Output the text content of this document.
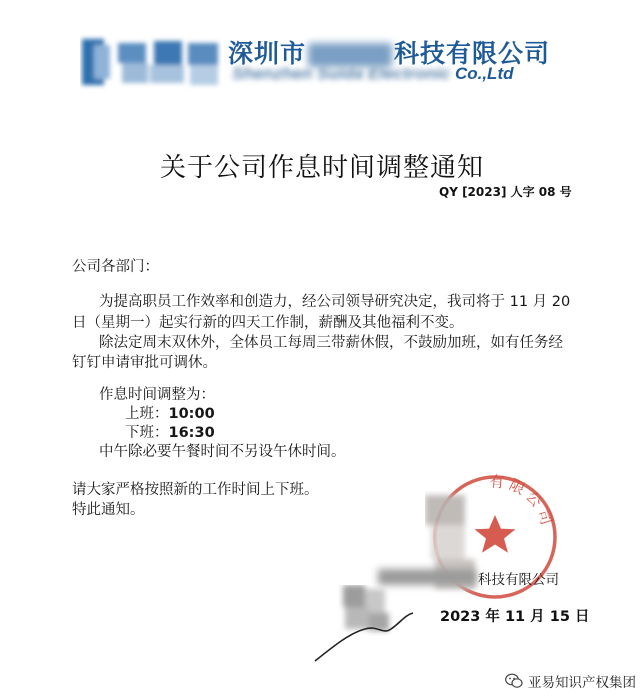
深圳市	科技有限公司
Shenzhen Suida Electronic Co.,Ltd
关于公司作息时间调整通知
QY [2023] 人字 08 号
公司各部门：
为提高职员工作效率和创造力，经公司领导研究决定，我司将于 11 月 20
日（星期一）起实行新的四天工作制，薪酬及其他福利不变。
除法定周末双休外，全体员工每周三带薪休假，不鼓励加班，如有任务经
钉钉申请审批可调休。
作息时间调整为：
上班：10:00
下班：16:30
中午除必要午餐时间不另设午休时间。
请大家严格按照新的工作时间上下班。
特此通知。
有限公司
科技有限公司
2023 年 11 月 15 日
亚易知识产权集团
